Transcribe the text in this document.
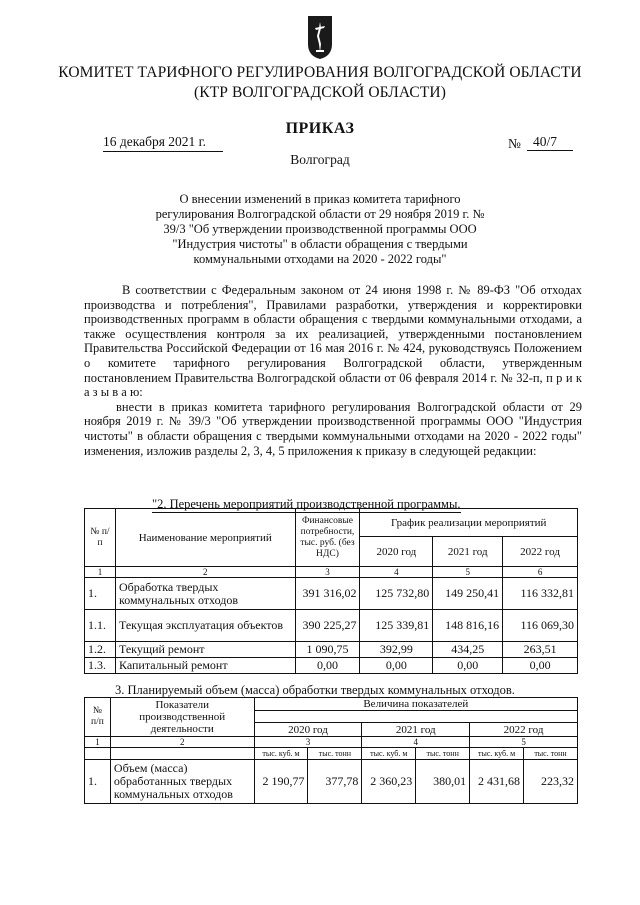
КОМИТЕТ ТАРИФНОГО РЕГУЛИРОВАНИЯ ВОЛГОГРАДСКОЙ ОБЛАСТИ
(КТР ВОЛГОГРАДСКОЙ ОБЛАСТИ)
ПРИКАЗ
16 декабря 2021 г.	№ 40/7
Волгоград
О внесении изменений в приказ комитета тарифного регулирования Волгоградской области от 29 ноября 2019 г. № 39/3 "Об утверждении производственной программы ООО "Индустрия чистоты" в области обращения с твердыми коммунальными отходами на 2020 - 2022 годы"

В соответствии с Федеральным законом от 24 июня 1998 г. № 89-ФЗ "Об отходах производства и потребления", Правилами разработки, утверждения и корректировки производственных программ в области обращения с твердыми коммунальными отходами, а также осуществления контроля за их реализацией, утвержденными постановлением Правительства Российской Федерации от 16 мая 2016 г. № 424, руководствуясь Положением о комитете тарифного регулирования Волгоградской области, утвержденным постановлением Правительства Волгоградской области от 06 февраля 2014 г. № 32-п, п р и к а з ы в а ю:

внести в приказ комитета тарифного регулирования Волгоградской области от 29 ноября 2019 г. № 39/3 "Об утверждении производственной программы ООО "Индустрия чистоты" в области обращения с твердыми коммунальными отходами на 2020 - 2022 годы" изменения, изложив разделы 2, 3, 4, 5 приложения к приказу в следующей редакции:

"2. Перечень мероприятий производственной программы.
№ п/п	Наименование мероприятий	Финансовые потребности, тыс. руб. (без НДС)	График реализации мероприятий		
			2020 год	2021 год	2022 год
1	2	3	4	5	6
1.	Обработка твердых коммунальных отходов	391 316,02	125 732,80	149 250,41	116 332,81
1.1.	Текущая эксплуатация объектов	390 225,27	125 339,81	148 816,16	116 069,30
1.2.	Текущий ремонт	1 090,75	392,99	434,25	263,51
1.3.	Капитальный ремонт	0,00	0,00	0,00	0,00
3. Планируемый объем (масса) обработки твердых коммунальных отходов.
№ п/п	Показатели производственной деятельности	Величина показателей					

		2020 год		2021 год		2022 год	
1	2	3		4		5	
		тыс. куб. м	тыс. тонн	тыс. куб. м	тыс. тонн	тыс. куб. м	тыс. тонн
1.	Объем (масса) обработанных твердых коммунальных отходов	2 190,77	377,78	2 360,23	380,01	2 431,68	223,32
